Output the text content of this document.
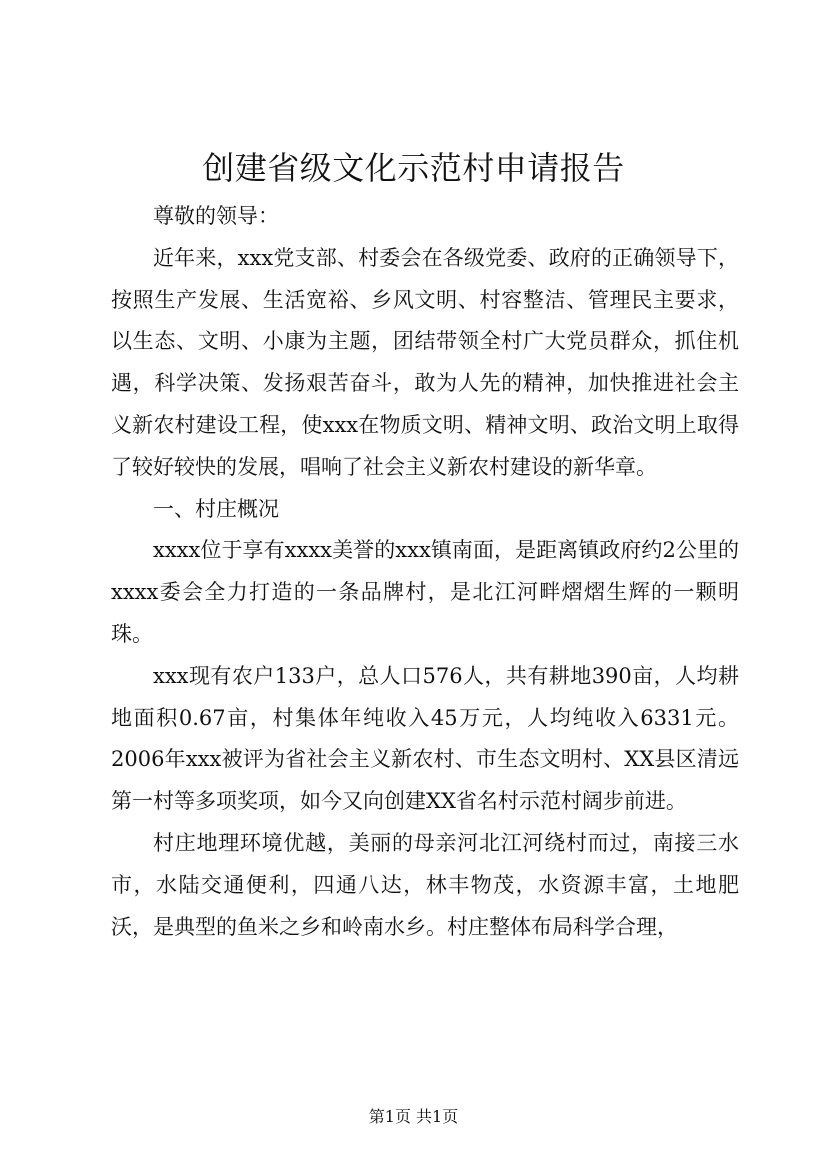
创建省级文化示范村申请报告

尊敬的领导：

近年来，xxx党支部、村委会在各级党委、政府的正确领导下，按照生产发展、生活宽裕、乡风文明、村容整洁、管理民主要求，以生态、文明、小康为主题，团结带领全村广大党员群众，抓住机遇，科学决策、发扬艰苦奋斗，敢为人先的精神，加快推进社会主义新农村建设工程，使xxx在物质文明、精神文明、政治文明上取得了较好较快的发展，唱响了社会主义新农村建设的新华章。

一、村庄概况

xxxx位于享有xxxx美誉的xxx镇南面，是距离镇政府约2公里的xxxx委会全力打造的一条品牌村，是北江河畔熠熠生辉的一颗明珠。

xxx现有农户133户，总人口576人，共有耕地390亩，人均耕地面积0.67亩，村集体年纯收入45万元，人均纯收入6331元。2006年xxx被评为省社会主义新农村、市生态文明村、XX县区清远第一村等多项奖项，如今又向创建XX省名村示范村阔步前进。

村庄地理环境优越，美丽的母亲河北江河绕村而过，南接三水市，水陆交通便利，四通八达，林丰物茂，水资源丰富，土地肥沃，是典型的鱼米之乡和岭南水乡。村庄整体布局科学合理，

第1页 共1页
